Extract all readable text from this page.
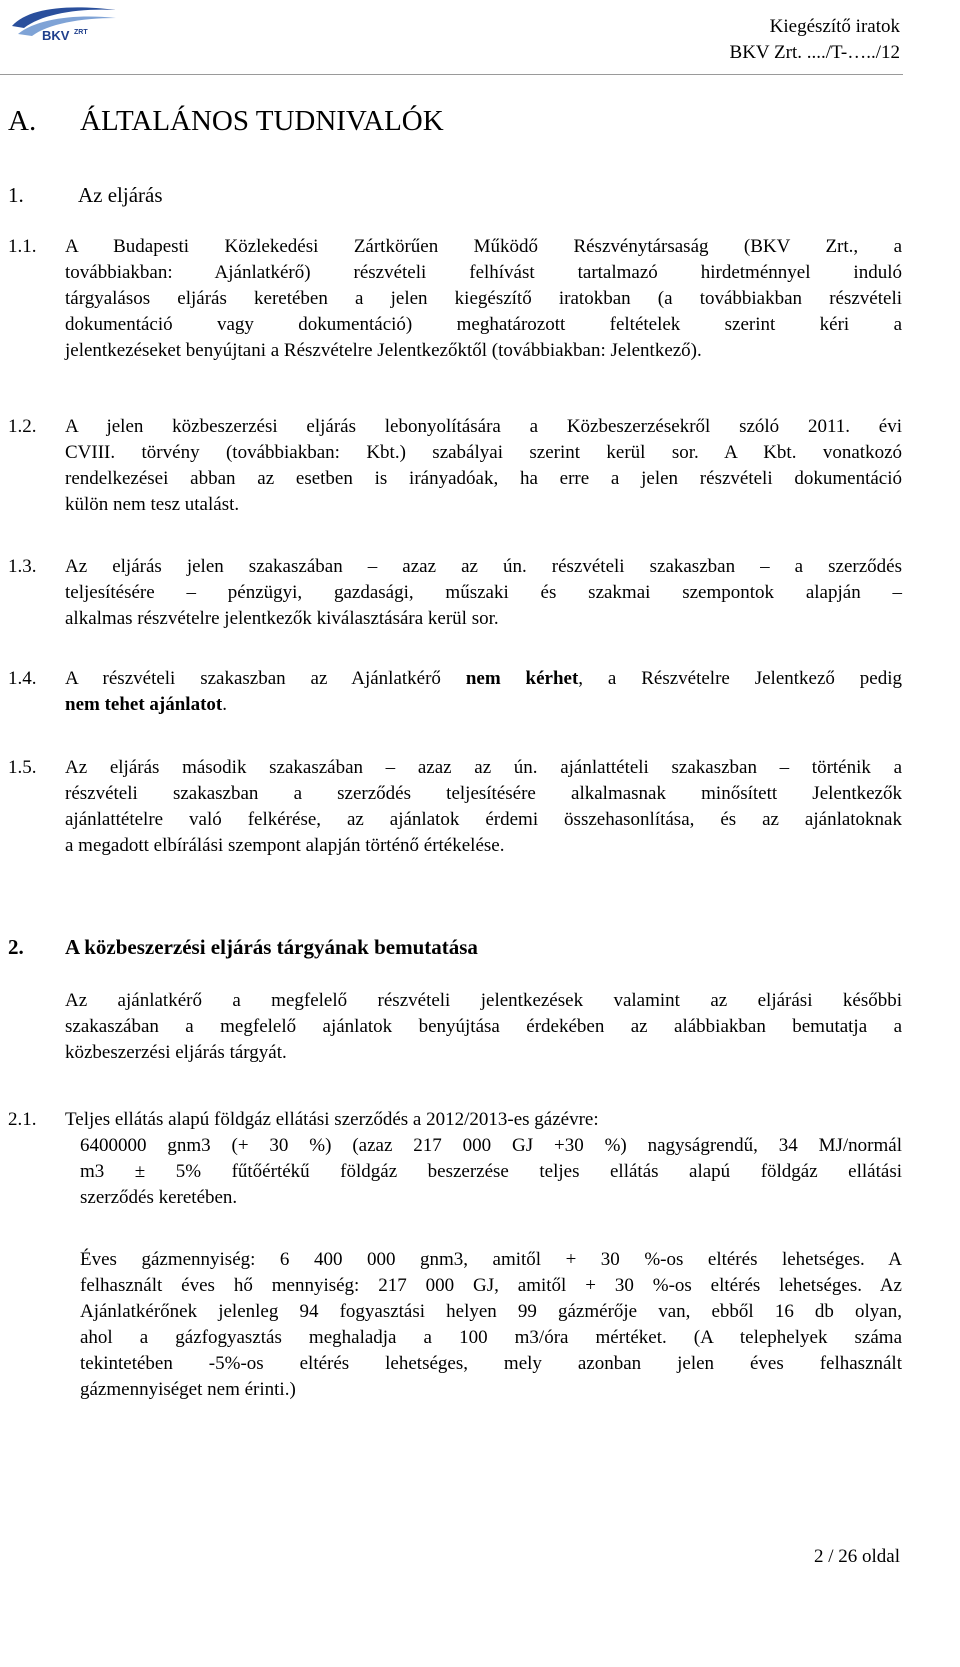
BKV ZRT	Kiegészítő iratok
BKV Zrt. ..../T-…../12
A. ÁLTALÁNOS TUDNIVALÓK
1.	Az eljárás
1.1. A Budapesti Közlekedési Zártkörűen Működő Részvénytársaság (BKV Zrt., a
továbbiakban: Ajánlatkérő) részvételi felhívást tartalmazó hirdetménnyel induló
tárgyalásos eljárás keretében a jelen kiegészítő iratokban (a továbbiakban részvételi
dokumentáció vagy dokumentáció) meghatározott feltételek szerint kéri a
jelentkezéseket benyújtani a Részvételre Jelentkezőktől (továbbiakban: Jelentkező).
1.2. A jelen közbeszerzési eljárás lebonyolítására a Közbeszerzésekről szóló 2011. évi
CVIII. törvény (továbbiakban: Kbt.) szabályai szerint kerül sor. A Kbt. vonatkozó
rendelkezései abban az esetben is irányadóak, ha erre a jelen részvételi dokumentáció
külön nem tesz utalást.
1.3. Az eljárás jelen szakaszában – azaz az ún. részvételi szakaszban – a szerződés
teljesítésére – pénzügyi, gazdasági, műszaki és szakmai szempontok alapján –
alkalmas részvételre jelentkezők kiválasztására kerül sor.
1.4. A részvételi szakaszban az Ajánlatkérő nem kérhet, a Részvételre Jelentkező pedig
nem tehet ajánlatot.
1.5. Az eljárás második szakaszában – azaz az ún. ajánlattételi szakaszban – történik a
részvételi szakaszban a szerződés teljesítésére alkalmasnak minősített Jelentkezők
ajánlattételre való felkérése, az ajánlatok érdemi összehasonlítása, és az ajánlatoknak
a megadott elbírálási szempont alapján történő értékelése.
2. A közbeszerzési eljárás tárgyának bemutatása
Az ajánlatkérő a megfelelő részvételi jelentkezések valamint az eljárási későbbi
szakaszában a megfelelő ajánlatok benyújtása érdekében az alábbiakban bemutatja a
közbeszerzési eljárás tárgyát.
2.1. Teljes ellátás alapú földgáz ellátási szerződés a 2012/2013-es gázévre:
6400000 gnm3 (+ 30 %) (azaz 217 000 GJ +30 %) nagyságrendű, 34 MJ/normál
m3 ± 5% fűtőértékű földgáz beszerzése teljes ellátás alapú földgáz ellátási
szerződés keretében.
Éves gázmennyiség: 6 400 000 gnm3, amitől + 30 %-os eltérés lehetséges. A
felhasznált éves hő mennyiség: 217 000 GJ, amitől + 30 %-os eltérés lehetséges. Az
Ajánlatkérőnek jelenleg 94 fogyasztási helyen 99 gázmérője van, ebből 16 db olyan,
ahol a gázfogyasztás meghaladja a 100 m3/óra mértéket. (A telephelyek száma
tekintetében -5%-os eltérés lehetséges, mely azonban jelen éves felhasznált
gázmennyiséget nem érinti.)
2 / 26 oldal
